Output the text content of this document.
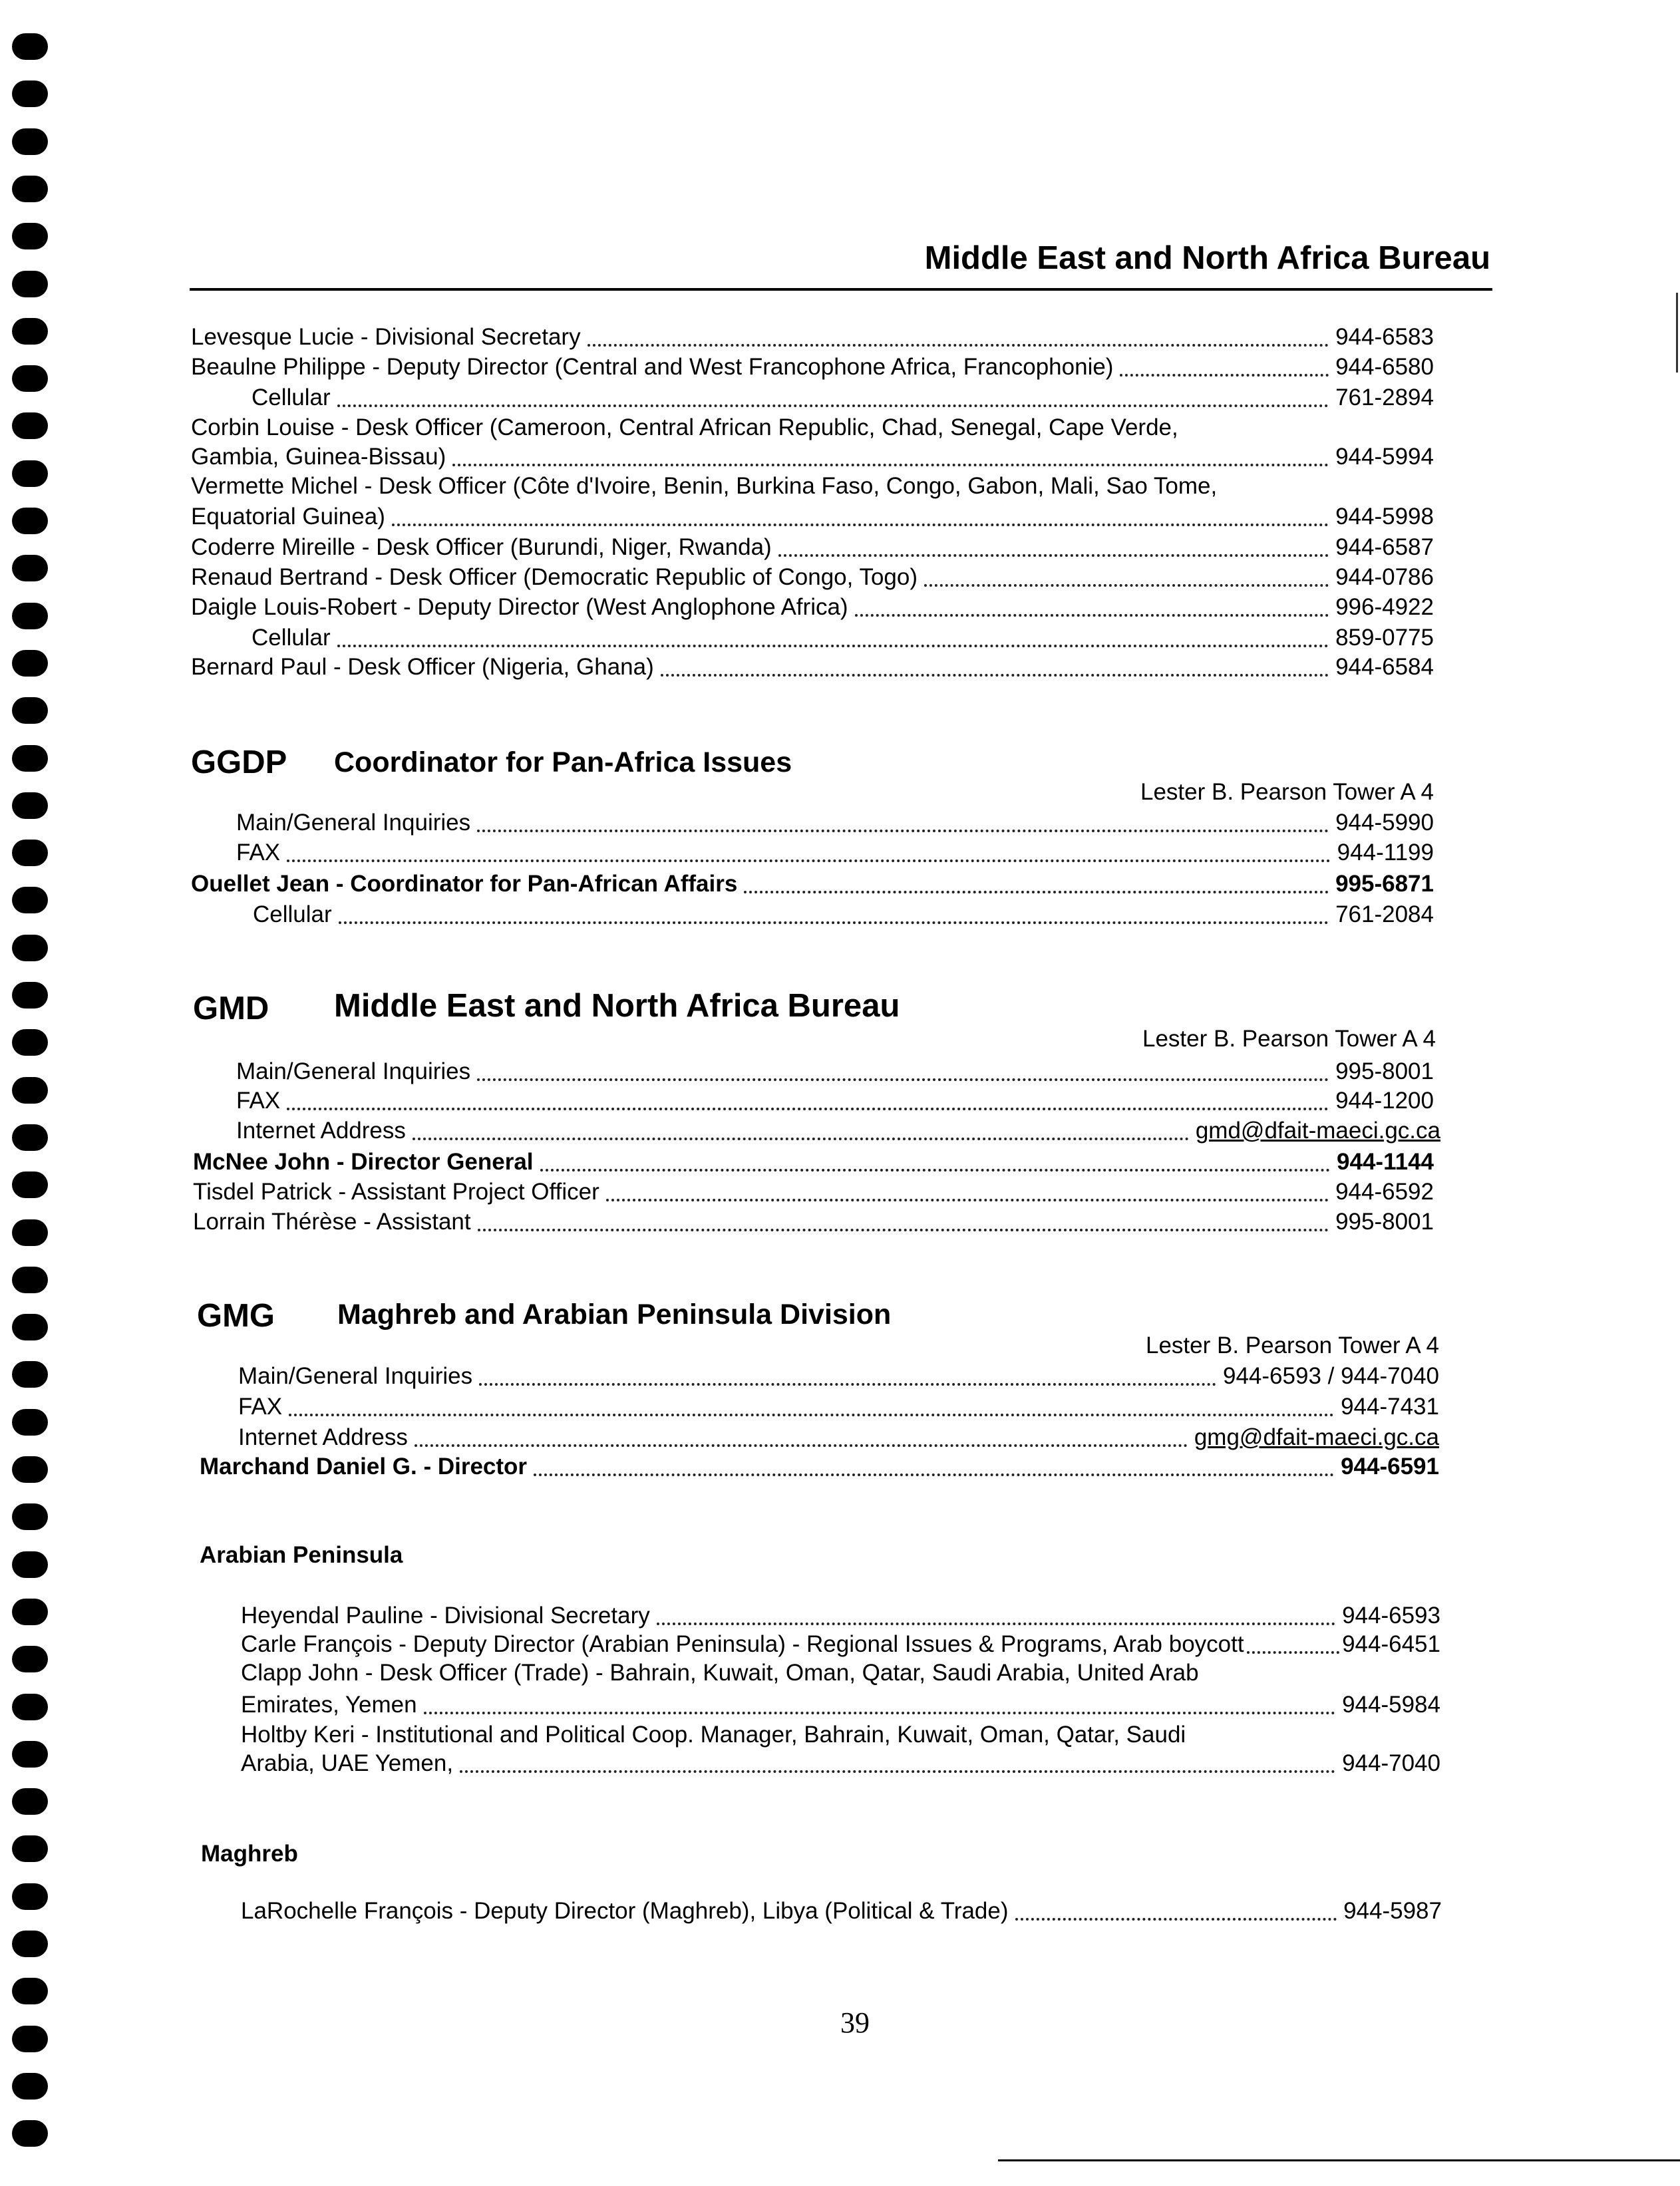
Middle East and North Africa Bureau
Levesque Lucie - Divisional Secretary	944-6583
Beaulne Philippe - Deputy Director (Central and West Francophone Africa, Francophonie)	944-6580
Cellular	761-2894
Corbin Louise - Desk Officer (Cameroon, Central African Republic, Chad, Senegal, Cape Verde,
Gambia, Guinea-Bissau)	944-5994
Vermette Michel - Desk Officer (Côte d'Ivoire, Benin, Burkina Faso, Congo, Gabon, Mali, Sao Tome,
Equatorial Guinea)	944-5998
Coderre Mireille - Desk Officer (Burundi, Niger, Rwanda)	944-6587
Renaud Bertrand - Desk Officer (Democratic Republic of Congo, Togo)	944-0786
Daigle Louis-Robert - Deputy Director (West Anglophone Africa)	996-4922
Cellular	859-0775
Bernard Paul - Desk Officer (Nigeria, Ghana)	944-6584
GGDP Coordinator for Pan-Africa Issues
Lester B. Pearson Tower A 4
Main/General Inquiries	944-5990
FAX	944-1199
Ouellet Jean - Coordinator for Pan-African Affairs	995-6871
Cellular	761-2084
GMD Middle East and North Africa Bureau
Lester B. Pearson Tower A 4
Main/General Inquiries	995-8001
FAX	944-1200
Internet Address	gmd@dfait-maeci.gc.ca
McNee John - Director General	944-1144
Tisdel Patrick - Assistant Project Officer	944-6592
Lorrain Thérèse - Assistant	995-8001
GMG Maghreb and Arabian Peninsula Division
Lester B. Pearson Tower A 4
Main/General Inquiries	944-6593 / 944-7040
FAX	944-7431
Internet Address	gmg@dfait-maeci.gc.ca
Marchand Daniel G. - Director	944-6591
Arabian Peninsula
Heyendal Pauline - Divisional Secretary	944-6593
Carle François - Deputy Director (Arabian Peninsula) - Regional Issues & Programs, Arab boycott	944-6451
Clapp John - Desk Officer (Trade) - Bahrain, Kuwait, Oman, Qatar, Saudi Arabia, United Arab
Emirates, Yemen	944-5984
Holtby Keri - Institutional and Political Coop. Manager, Bahrain, Kuwait, Oman, Qatar, Saudi
Arabia, UAE Yemen,	944-7040
Maghreb
LaRochelle François - Deputy Director (Maghreb), Libya (Political & Trade)	944-5987
39
